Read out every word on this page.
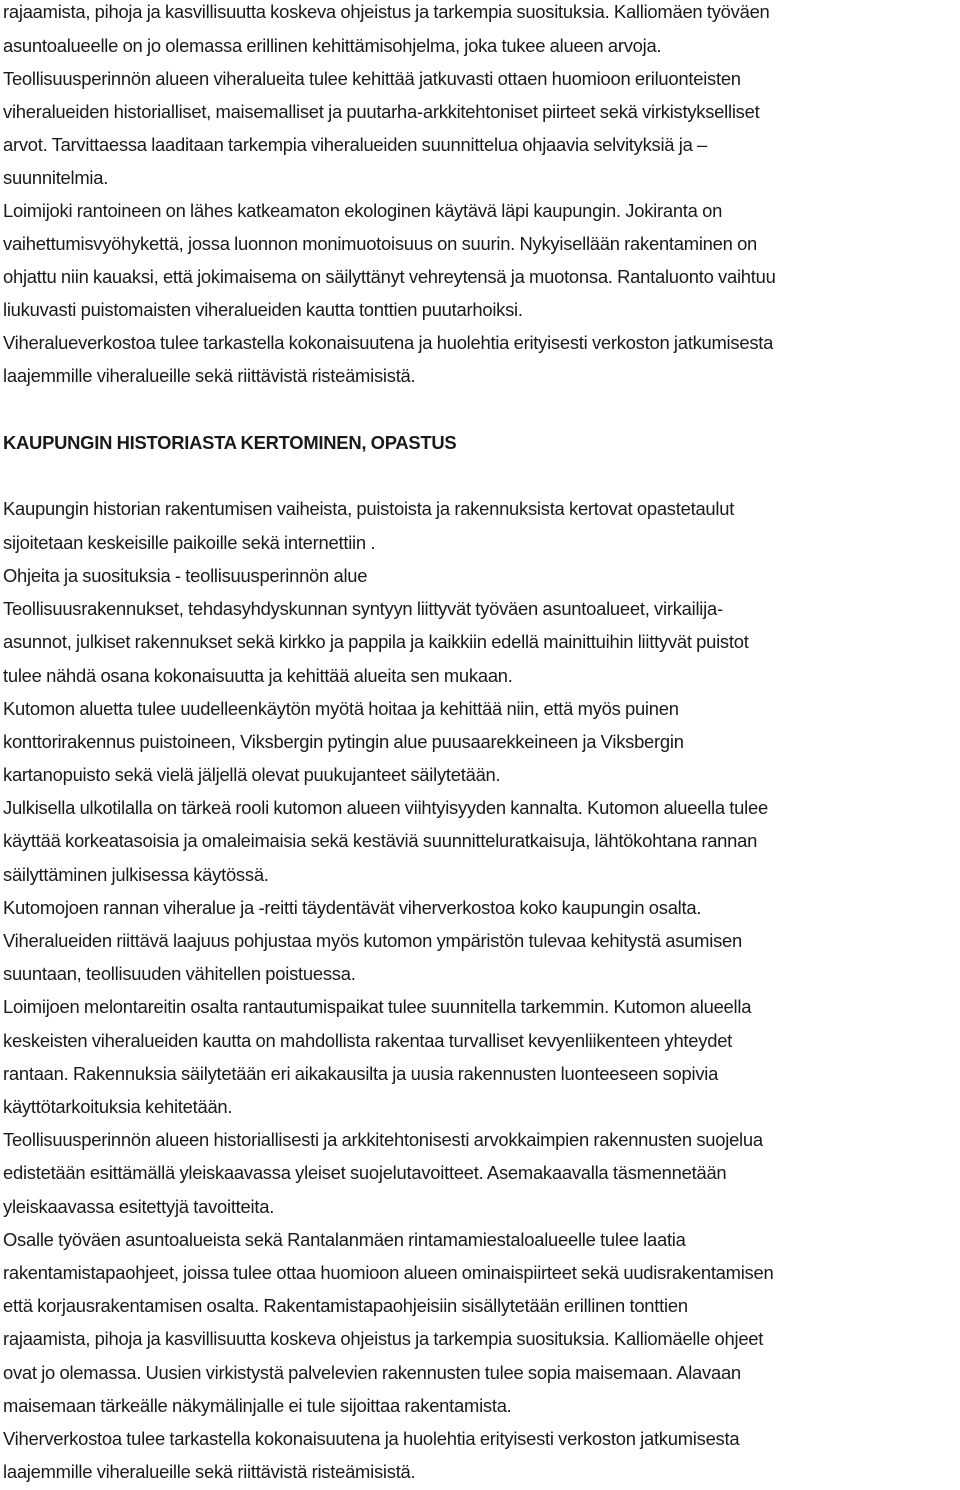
rajaamista, pihoja ja kasvillisuutta koskeva ohjeistus ja tarkempia suosituksia. Kalliomäen työväen
asuntoalueelle on jo olemassa erillinen kehittämisohjelma, joka tukee alueen arvoja.
Teollisuusperinnön alueen viheralueita tulee kehittää jatkuvasti ottaen huomioon eriluonteisten
viheralueiden historialliset, maisemalliset ja puutarha-arkkitehtoniset piirteet sekä virkistykselliset
arvot. Tarvittaessa laaditaan tarkempia viheralueiden suunnittelua ohjaavia selvityksiä ja –
suunnitelmia.
Loimijoki rantoineen on lähes katkeamaton ekologinen käytävä läpi kaupungin. Jokiranta on
vaihettumisvyöhykettä, jossa luonnon monimuotoisuus on suurin. Nykyisellään rakentaminen on
ohjattu niin kauaksi, että jokimaisema on säilyttänyt vehreytensä ja muotonsa. Rantaluonto vaihtuu
liukuvasti puistomaisten viheralueiden kautta tonttien puutarhoiksi.
Viheralueverkostoa tulee tarkastella kokonaisuutena ja huolehtia erityisesti verkoston jatkumisesta
laajemmille viheralueille sekä riittävistä risteämisistä.
KAUPUNGIN HISTORIASTA KERTOMINEN, OPASTUS
Kaupungin historian rakentumisen vaiheista, puistoista ja rakennuksista kertovat opastetaulut
sijoitetaan keskeisille paikoille sekä internettiin .
Ohjeita ja suosituksia - teollisuusperinnön alue
Teollisuusrakennukset, tehdasyhdyskunnan syntyyn liittyvät työväen asuntoalueet, virkailija-
asunnot, julkiset rakennukset sekä kirkko ja pappila ja kaikkiin edellä mainittuihin liittyvät puistot
tulee nähdä osana kokonaisuutta ja kehittää alueita sen mukaan.
Kutomon aluetta tulee uudelleenkäytön myötä hoitaa ja kehittää niin, että myös puinen
konttorirakennus puistoineen, Viksbergin pytingin alue puusaarekkeineen ja Viksbergin
kartanopuisto sekä vielä jäljellä olevat puukujanteet säilytetään.
Julkisella ulkotilalla on tärkeä rooli kutomon alueen viihtyisyyden kannalta. Kutomon alueella tulee
käyttää korkeatasoisia ja omaleimaisia sekä kestäviä suunnitteluratkaisuja, lähtökohtana rannan
säilyttäminen julkisessa käytössä.
Kutomojoen rannan viheralue ja -reitti täydentävät viherverkostoa koko kaupungin osalta.
Viheralueiden riittävä laajuus pohjustaa myös kutomon ympäristön tulevaa kehitystä asumisen
suuntaan, teollisuuden vähitellen poistuessa.
Loimijoen melontareitin osalta rantautumispaikat tulee suunnitella tarkemmin. Kutomon alueella
keskeisten viheralueiden kautta on mahdollista rakentaa turvalliset kevyenliikenteen yhteydet
rantaan. Rakennuksia säilytetään eri aikakausilta ja uusia rakennusten luonteeseen sopivia
käyttötarkoituksia kehitetään.
Teollisuusperinnön alueen historiallisesti ja arkkitehtonisesti arvokkaimpien rakennusten suojelua
edistetään esittämällä yleiskaavassa yleiset suojelutavoitteet. Asemakaavalla täsmennetään
yleiskaavassa esitettyjä tavoitteita.
Osalle työväen asuntoalueista sekä Rantalanmäen rintamamiestaloalueelle tulee laatia
rakentamistapaohjeet, joissa tulee ottaa huomioon alueen ominaispiirteet sekä uudisrakentamisen
että korjausrakentamisen osalta. Rakentamistapaohjeisiin sisällytetään erillinen tonttien
rajaamista, pihoja ja kasvillisuutta koskeva ohjeistus ja tarkempia suosituksia. Kalliomäelle ohjeet
ovat jo olemassa. Uusien virkistystä palvelevien rakennusten tulee sopia maisemaan. Alavaan
maisemaan tärkeälle näkymälinjalle ei tule sijoittaa rakentamista.
Viherverkostoa tulee tarkastella kokonaisuutena ja huolehtia erityisesti verkoston jatkumisesta
laajemmille viheralueille sekä riittävistä risteämisistä.
